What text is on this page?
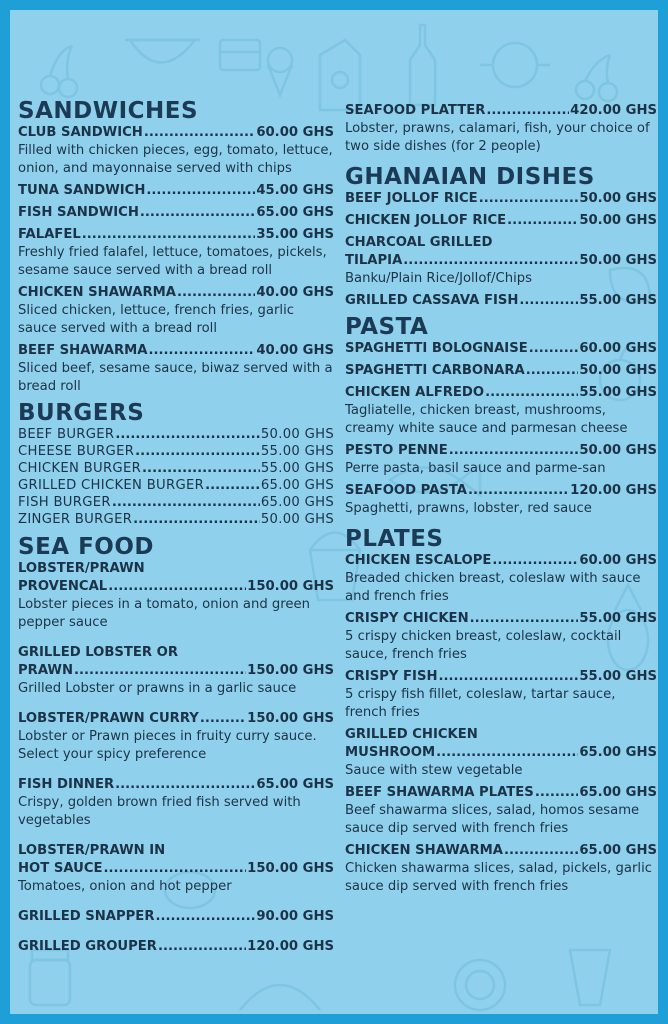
SANDWICHES
CLUB SANDWICH .....	60.00 GHS
Filled with chicken pieces, egg, tomato, lettuce, onion, and mayonnaise served with chips
TUNA SANDWICH .....	45.00 GHS
FISH SANDWICH .....	65.00 GHS
FALAFEL .....	35.00 GHS
Freshly fried falafel, lettuce, tomatoes, pickels, sesame sauce served with a bread roll
CHICKEN SHAWARMA .....	40.00 GHS
Sliced chicken, lettuce, french fries, garlic sauce served with a bread roll
BEEF SHAWARMA .....	40.00 GHS
Sliced beef, sesame sauce, biwaz served with a bread roll
BURGERS
BEEF BURGER .....	50.00 GHS
CHEESE BURGER .....	55.00 GHS
CHICKEN BURGER .....	55.00 GHS
GRILLED CHICKEN BURGER .....	65.00 GHS
FISH BURGER .....	65.00 GHS
ZINGER BURGER .....	50.00 GHS
SEA FOOD
LOBSTER/PRAWN
PROVENCAL .....	150.00 GHS
Lobster pieces in a tomato, onion and green pepper sauce
GRILLED LOBSTER OR
PRAWN .....	150.00 GHS
Grilled Lobster or prawns in a garlic sauce
LOBSTER/PRAWN CURRY .....	150.00 GHS
Lobster or Prawn pieces in fruity curry sauce. Select your spicy preference
FISH DINNER .....	65.00 GHS
Crispy, golden brown fried fish served with vegetables
LOBSTER/PRAWN IN
HOT SAUCE .....	150.00 GHS
Tomatoes, onion and hot pepper
GRILLED SNAPPER .....	90.00 GHS
GRILLED GROUPER .....	120.00 GHS
SEAFOOD PLATTER .....	420.00 GHS
Lobster, prawns, calamari, fish, your choice of two side dishes (for 2 people)
GHANAIAN DISHES
BEEF JOLLOF RICE .....	50.00 GHS
CHICKEN JOLLOF RICE .....	50.00 GHS
CHARCOAL GRILLED
TILAPIA .....	50.00 GHS
Banku/Plain Rice/Jollof/Chips
GRILLED CASSAVA FISH .....	55.00 GHS
PASTA
SPAGHETTI BOLOGNAISE .....	60.00 GHS
SPAGHETTI CARBONARA .....	50.00 GHS
CHICKEN ALFREDO .....	55.00 GHS
Tagliatelle, chicken breast, mushrooms, creamy white sauce and parmesan cheese
PESTO PENNE .....	50.00 GHS
Perre pasta, basil sauce and parme-san
SEAFOOD PASTA .....	120.00 GHS
Spaghetti, prawns, lobster, red sauce
PLATES
CHICKEN ESCALOPE .....	60.00 GHS
Breaded chicken breast, coleslaw with sauce and french fries
CRISPY CHICKEN .....	55.00 GHS
5 crispy chicken breast, coleslaw, cocktail sauce, french fries
CRISPY FISH .....	55.00 GHS
5 crispy fish fillet, coleslaw, tartar sauce, french fries
GRILLED CHICKEN
MUSHROOM .....	65.00 GHS
Sauce with stew vegetable
BEEF SHAWARMA PLATES .....	65.00 GHS
Beef shawarma slices, salad, homos sesame sauce dip served with french fries
CHICKEN SHAWARMA .....	65.00 GHS
Chicken shawarma slices, salad, pickels, garlic sauce dip served with french fries
